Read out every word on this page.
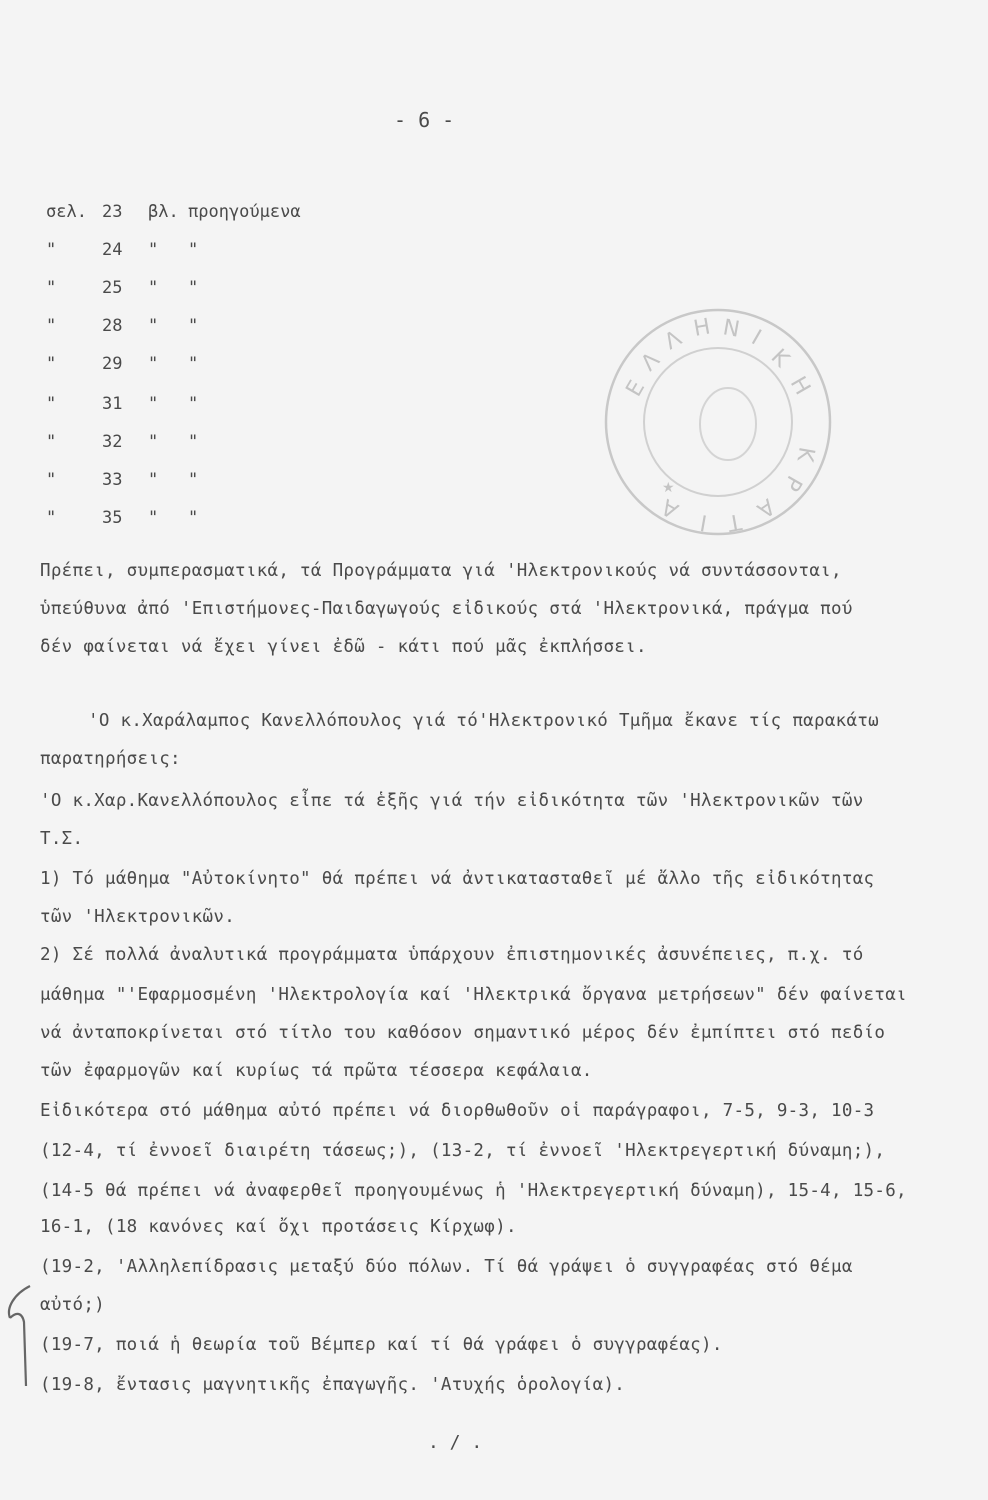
- 6 -
σελ. 23 βλ. προηγούμενα
"	24 " "
"	25 " "
"	28 " "
"	29 " "
"	31 " "
"	32 " "
"	33 " "
"	35 " "
Ε
Λ
Λ Η Ν Ι
Κ
Η
Κ
Ρ
Α
Τ
Ι
Α
★
Πρέπει, συμπερασματικά, τά Προγράμματα γιά 'Ηλεκτρονικούς νά συντάσσονται,
ὑπεύθυνα ἀπό 'Επιστήμονες-Παιδαγωγούς εἰδικούς στά 'Ηλεκτρονικά, πράγμα πού
δέν φαίνεται νά ἔχει γίνει ἐδῶ - κάτι πού μᾶς ἐκπλήσσει.
'Ο κ.Χαράλαμπος Κανελλόπουλος γιά τό'Ηλεκτρονικό Τμῆμα ἔκανε τίς παρακάτω
παρατηρήσεις:
'Ο κ.Χαρ.Κανελλόπουλος εἶπε τά ἑξῆς γιά τήν εἰδικότητα τῶν 'Ηλεκτρονικῶν τῶν
Τ.Σ.
1) Τό μάθημα "Αὐτοκίνητο" θά πρέπει νά ἀντικατασταθεῖ μέ ἄλλο τῆς εἰδικότητας
τῶν 'Ηλεκτρονικῶν.
2) Σέ πολλά ἀναλυτικά προγράμματα ὑπάρχουν ἐπιστημονικές ἀσυνέπειες, π.χ. τό
μάθημα "'Εφαρμοσμένη 'Ηλεκτρολογία καί 'Ηλεκτρικά ὄργανα μετρήσεων" δέν φαίνεται
νά ἀνταποκρίνεται στό τίτλο του καθόσον σημαντικό μέρος δέν ἐμπίπτει στό πεδίο
τῶν ἐφαρμογῶν καί κυρίως τά πρῶτα τέσσερα κεφάλαια.
Εἰδικότερα στό μάθημα αὐτό πρέπει νά διορθωθοῦν οἱ παράγραφοι, 7-5, 9-3, 10-3
(12-4, τί ἐννοεῖ διαιρέτη τάσεως;), (13-2, τί ἐννοεῖ 'Ηλεκτρεγερτική δύναμη;),
(14-5 θά πρέπει νά ἀναφερθεῖ προηγουμένως ἡ 'Ηλεκτρεγερτική δύναμη), 15-4, 15-6,
16-1, (18 κανόνες καί ὄχι προτάσεις Κίρχωφ).
(19-2, 'Αλληλεπίδρασις μεταξύ δύο πόλων. Τί θά γράψει ὁ συγγραφέας στό θέμα
αὐτό;)
(19-7, ποιά ἡ θεωρία τοῦ Βέμπερ καί τί θά γράφει ὁ συγγραφέας).
(19-8, ἔντασις μαγνητικῆς ἐπαγωγῆς. 'Ατυχής ὁρολογία).
. / .
